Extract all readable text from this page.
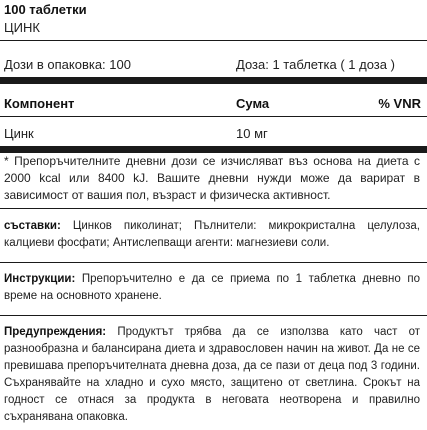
100 таблетки
ЦИНК
Дози в опаковка: 100	Доза: 1 таблетка ( 1 доза )
Компонент	Сума	% VNR
Цинк	10 мг
* Препоръчителните дневни дози се изчисляват въз основа на диета с 2000 kcal или 8400 kJ. Вашите дневни нужди може да варират в зависимост от вашия пол, възраст и физическа активност.
съставки: Цинков пиколинат; Пълнители: микрокристална целулоза, калциеви фосфати; Антислепващи агенти: магнезиеви соли.
Инструкции: Препоръчително е да се приема по 1 таблетка дневно по време на основното хранене.
Предупреждения: Продуктът трябва да се използва като част от разнообразна и балансирана диета и здравословен начин на живот. Да не се превишава препоръчителната дневна доза, да се пази от деца под 3 години. Съхранявайте на хладно и сухо място, защитено от светлина. Срокът на годност се отнася за продукта в неговата неотворена и правилно съхранявана опаковка.
